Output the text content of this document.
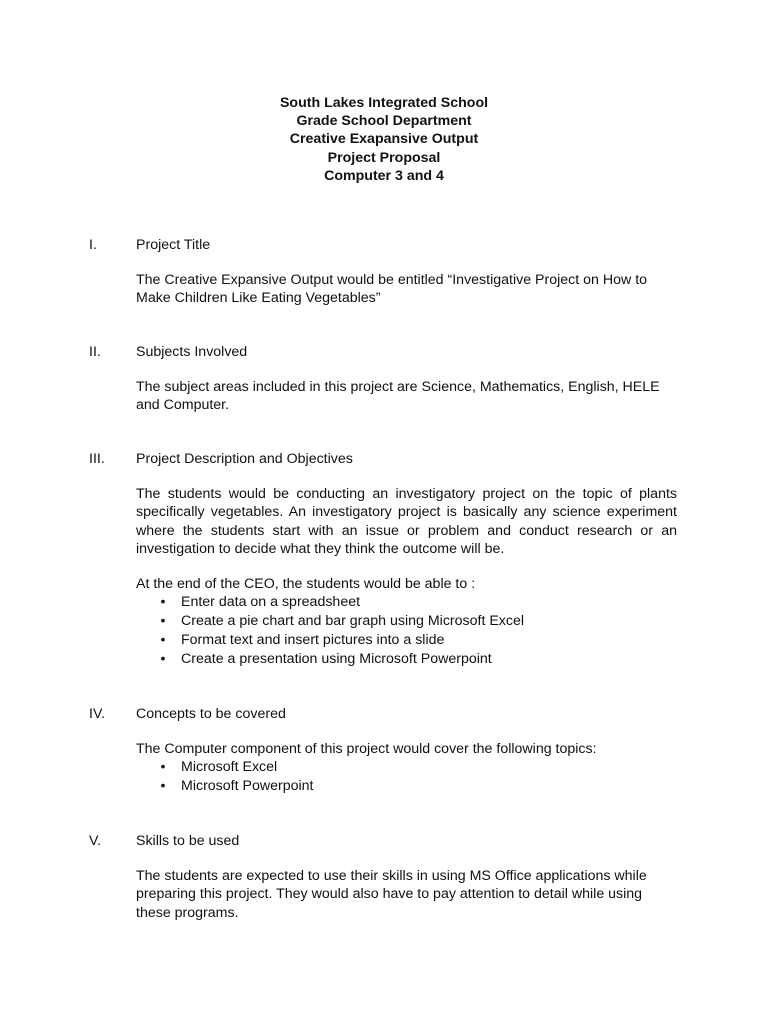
South Lakes Integrated School
Grade School Department
Creative Exapansive Output
Project Proposal
Computer 3 and 4
I.	Project Title
The Creative Expansive Output would be entitled “Investigative Project on How to Make Children Like Eating Vegetables”
II. Subjects Involved
The subject areas included in this project are Science, Mathematics, English, HELE and Computer.
III. Project Description and Objectives
The students would be conducting an investigatory project on the topic of plants specifically vegetables. An investigatory project is basically any science experiment where the students start with an issue or problem and conduct research or an investigation to decide what they think the outcome will be.
At the end of the CEO, the students would be able to :
• Enter data on a spreadsheet
• Create a pie chart and bar graph using Microsoft Excel
• Format text and insert pictures into a slide
• Create a presentation using Microsoft Powerpoint
IV. Concepts to be covered
The Computer component of this project would cover the following topics:
• Microsoft Excel
• Microsoft Powerpoint
V. Skills to be used
The students are expected to use their skills in using MS Office applications while preparing this project. They would also have to pay attention to detail while using these programs.
